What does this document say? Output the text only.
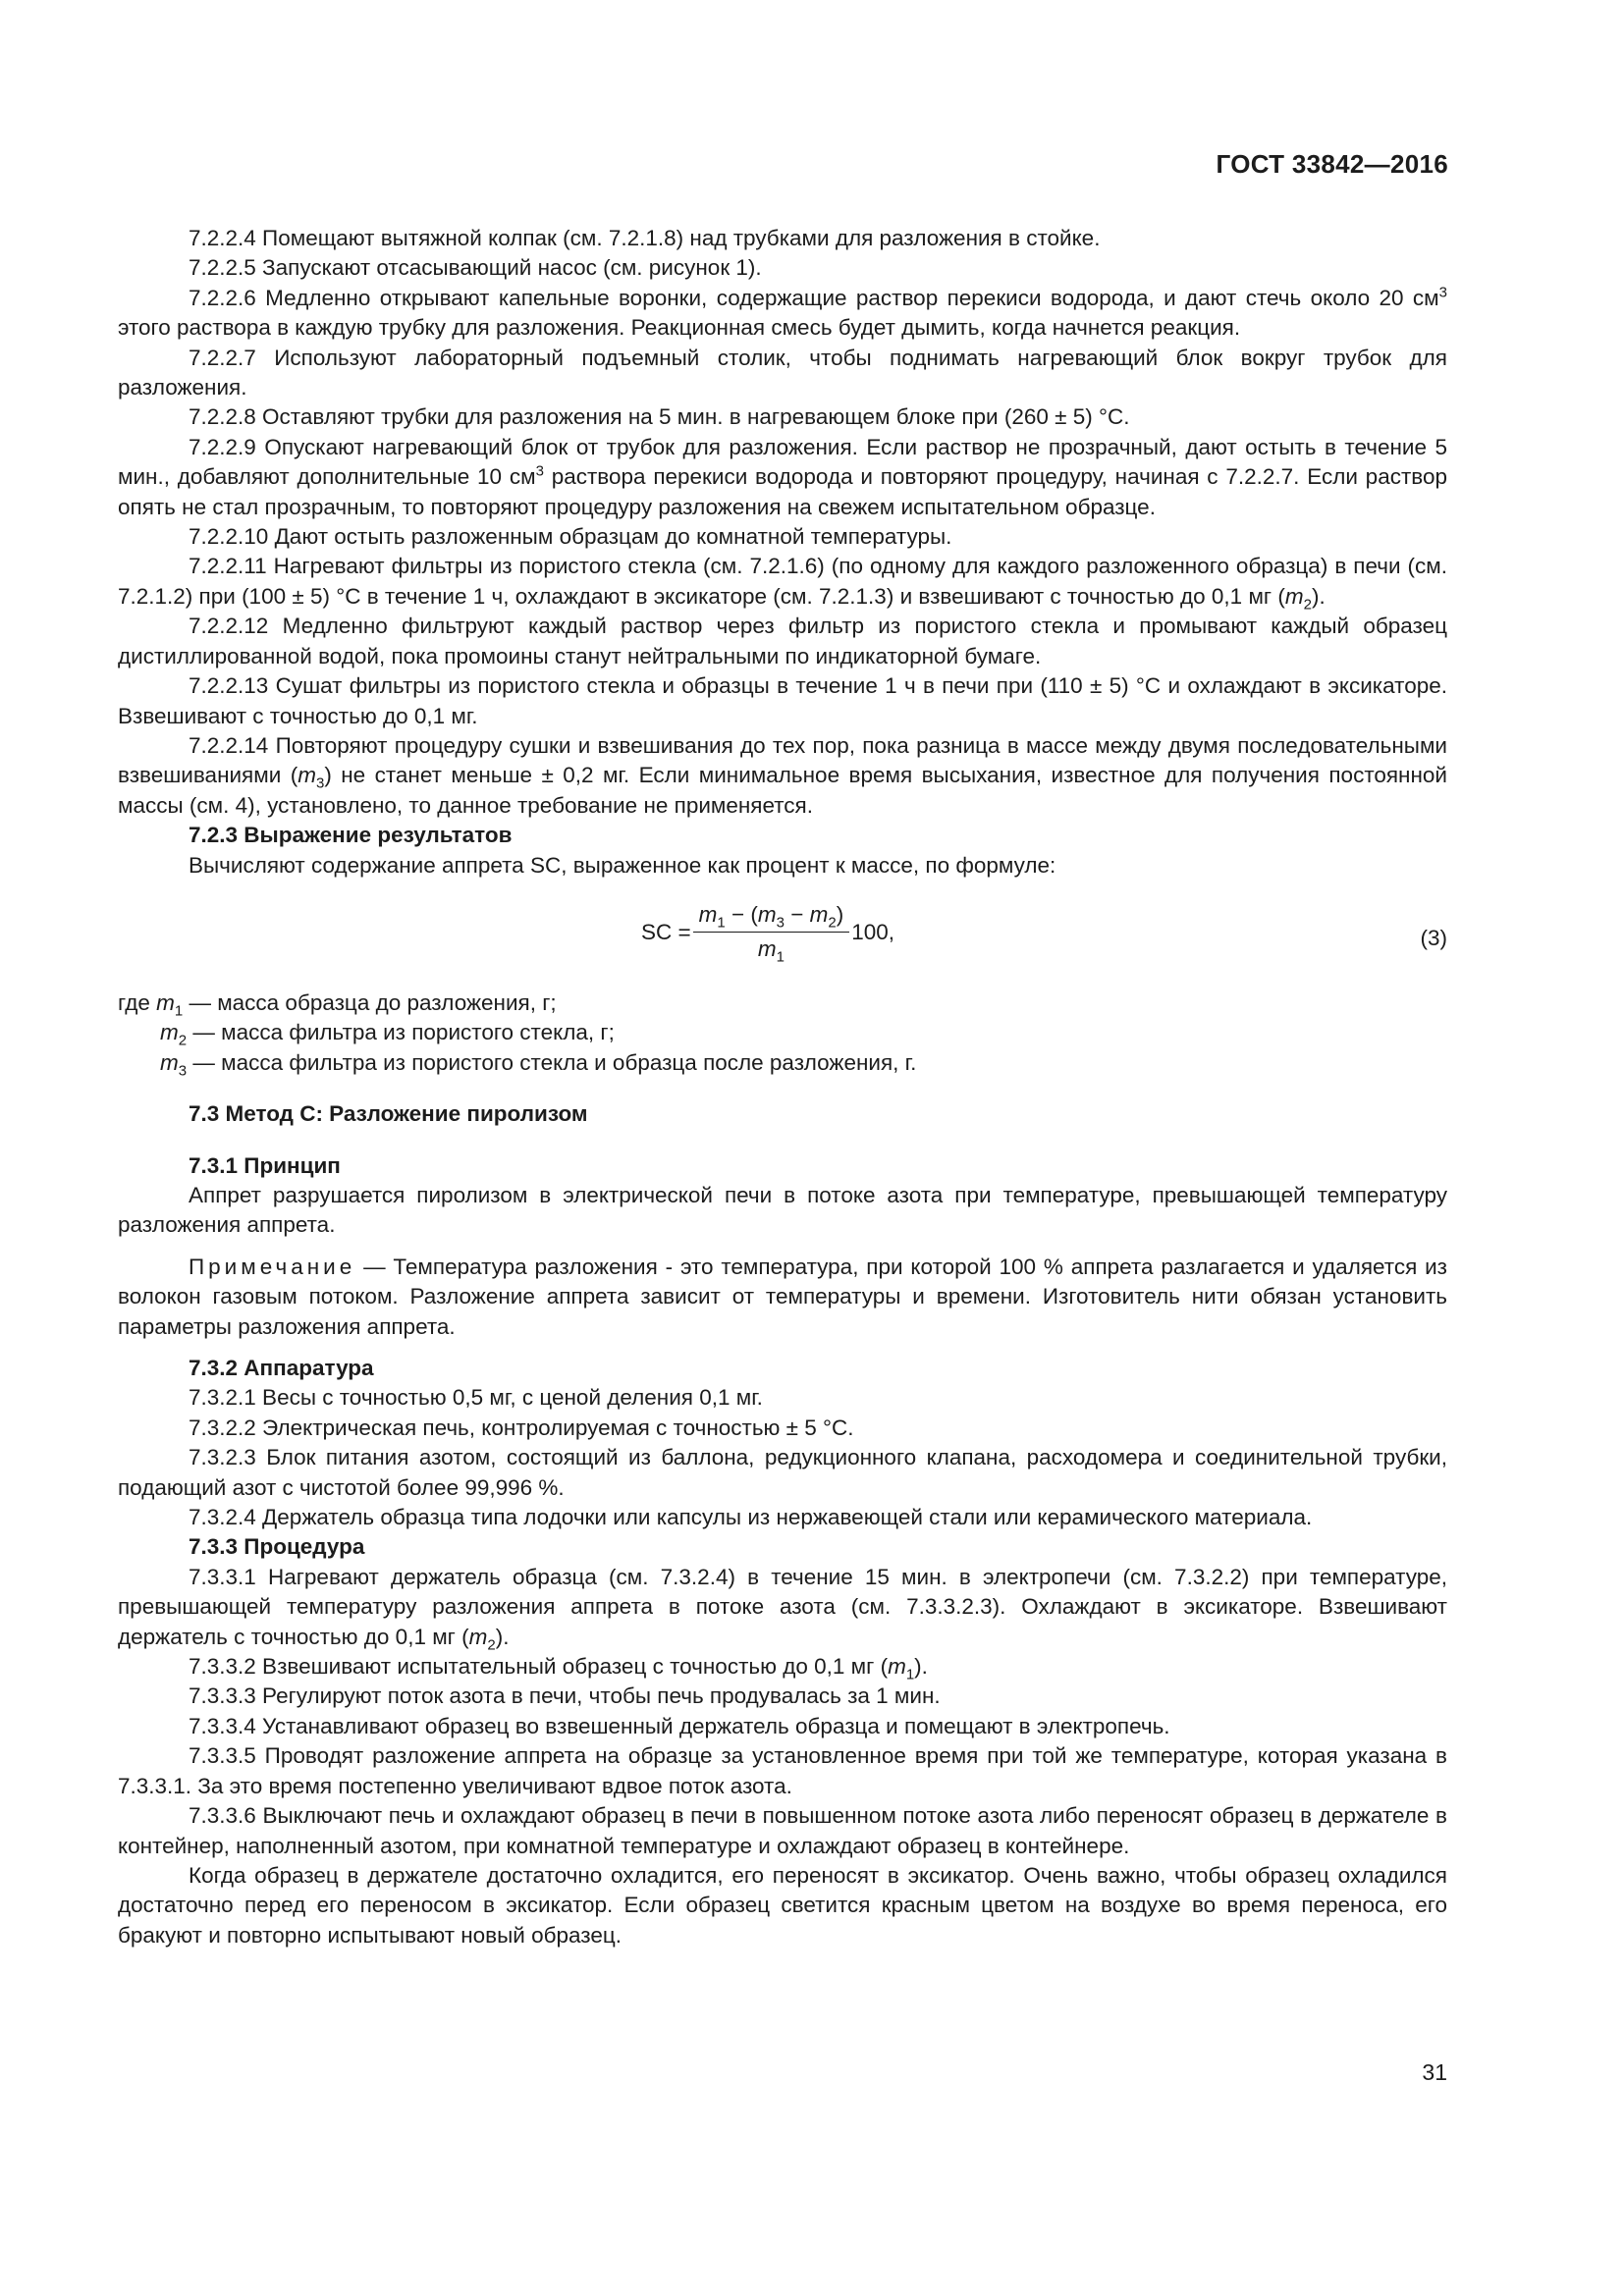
ГОСТ 33842—2016

7.2.2.4 Помещают вытяжной колпак (см. 7.2.1.8) над трубками для разложения в стойке.

7.2.2.5 Запускают отсасывающий насос (см. рисунок 1).

7.2.2.6 Медленно открывают капельные воронки, содержащие раствор перекиси водорода, и дают стечь около 20 $см^3$ этого раствора в каждую трубку для разложения. Реакционная смесь будет дымить, когда начнется реакция.

7.2.2.7 Используют лабораторный подъемный столик, чтобы поднимать нагревающий блок вокруг трубок для разложения.

7.2.2.8 Оставляют трубки для разложения на 5 мин. в нагревающем блоке при (260 ± 5) °С.

7.2.2.9 Опускают нагревающий блок от трубок для разложения. Если раствор не прозрачный, дают остыть в течение 5 мин., добавляют дополнительные 10 $см^3$ раствора перекиси водорода и повторяют процедуру, начиная с 7.2.2.7. Если раствор опять не стал прозрачным, то повторяют процедуру разложения на свежем испытательном образце.

7.2.2.10 Дают остыть разложенным образцам до комнатной температуры.

7.2.2.11 Нагревают фильтры из пористого стекла (см. 7.2.1.6) (по одному для каждого разложенного образца) в печи (см. 7.2.1.2) при (100 ± 5) °С в течение 1 ч, охлаждают в эксикаторе (см. 7.2.1.3) и взвешивают с точностью до 0,1 мг $(m_2)$.

7.2.2.12 Медленно фильтруют каждый раствор через фильтр из пористого стекла и промывают каждый образец дистиллированной водой, пока промоины станут нейтральными по индикаторной бумаге.

7.2.2.13 Сушат фильтры из пористого стекла и образцы в течение 1 ч в печи при (110 ± 5) °С и охлаждают в эксикаторе. Взвешивают с точностью до 0,1 мг.

7.2.2.14 Повторяют процедуру сушки и взвешивания до тех пор, пока разница в массе между двумя последовательными взвешиваниями $(m_3)$ не станет меньше ± 0,2 мг. Если минимальное время высыхания, известное для получения постоянной массы (см. 4), установлено, то данное требование не применяется.

7.2.3 Выражение результатов

Вычисляют содержание аппрета SC, выраженное как процент к массе, по формуле:

SC = $\frac{m_1 - (m_3 - m_2)}{m_1} 100$,	(3)

где $m_1$ — масса образца до разложения, г;

$m_2$ — масса фильтра из пористого стекла, г;

$m_3$ — масса фильтра из пористого стекла и образца после разложения, г.

7.3 Метод С: Разложение пиролизом

7.3.1 Принцип

Аппрет разрушается пиролизом в электрической печи в потоке азота при температуре, превышающей температуру разложения аппрета.

Примечание — Температура разложения - это температура, при которой 100 % аппрета разлагается и удаляется из волокон газовым потоком. Разложение аппрета зависит от температуры и времени. Изготовитель нити обязан установить параметры разложения аппрета.

7.3.2 Аппаратура

7.3.2.1 Весы с точностью 0,5 мг, с ценой деления 0,1 мг.

7.3.2.2 Электрическая печь, контролируемая с точностью ± 5 °С.

7.3.2.3 Блок питания азотом, состоящий из баллона, редукционного клапана, расходомера и соединительной трубки, подающий азот с чистотой более 99,996 %.

7.3.2.4 Держатель образца типа лодочки или капсулы из нержавеющей стали или керамического материала.

7.3.3 Процедура

7.3.3.1 Нагревают держатель образца (см. 7.3.2.4) в течение 15 мин. в электропечи (см. 7.3.2.2) при температуре, превышающей температуру разложения аппрета в потоке азота (см. 7.3.3.2.3). Охлаждают в эксикаторе. Взвешивают держатель с точностью до 0,1 мг $(m_2)$.

7.3.3.2 Взвешивают испытательный образец с точностью до 0,1 мг $(m_1)$.

7.3.3.3 Регулируют поток азота в печи, чтобы печь продувалась за 1 мин.

7.3.3.4 Устанавливают образец во взвешенный держатель образца и помещают в электропечь.

7.3.3.5 Проводят разложение аппрета на образце за установленное время при той же температуре, которая указана в 7.3.3.1. За это время постепенно увеличивают вдвое поток азота.

7.3.3.6 Выключают печь и охлаждают образец в печи в повышенном потоке азота либо переносят образец в держателе в контейнер, наполненный азотом, при комнатной температуре и охлаждают образец в контейнере.

Когда образец в держателе достаточно охладится, его переносят в эксикатор. Очень важно, чтобы образец охладился достаточно перед его переносом в эксикатор. Если образец светится красным цветом на воздухе во время переноса, его бракуют и повторно испытывают новый образец.

31
